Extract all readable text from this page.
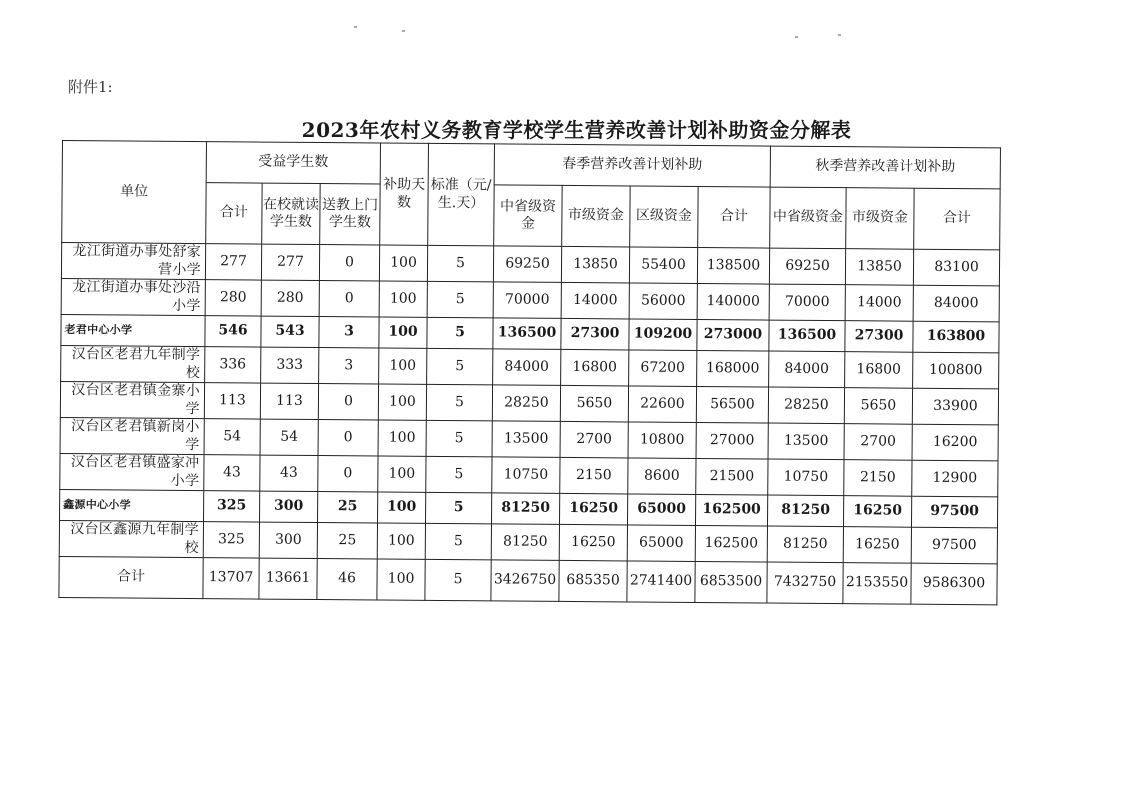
附件1:
2023年农村义务教育学校学生营养改善计划补助资金分解表
单位	受益学生数			补助天数	标准（元/生.天）	春季营养改善计划补助				秋季营养改善计划补助		
	合计	在校就读学生数	送教上门学生数			中省级资金	市级资金	区级资金	合计	中省级资金	市级资金	合计
龙江街道办事处舒家营小学	277	277	0	100	5	69250	13850	55400	138500	69250	13850	83100
龙江街道办事处沙沿小学	280	280	0	100	5	70000	14000	56000	140000	70000	14000	84000
老君中心小学	546	543	3	100	5	136500	27300	109200	273000	136500	27300	163800
汉台区老君九年制学校	336	333	3	100	5	84000	16800	67200	168000	84000	16800	100800
汉台区老君镇金寨小学	113	113	0	100	5	28250	5650	22600	56500	28250	5650	33900
汉台区老君镇新岗小学	54	54	0	100	5	13500	2700	10800	27000	13500	2700	16200
汉台区老君镇盛家冲小学	43	43	0	100	5	10750	2150	8600	21500	10750	2150	12900
鑫源中心小学	325	300	25	100	5	81250	16250	65000	162500	81250	16250	97500
汉台区鑫源九年制学校	325	300	25	100	5	81250	16250	65000	162500	81250	16250	97500
合计	13707	13661	46	100	5	3426750	685350	2741400	6853500	7432750	2153550	9586300
